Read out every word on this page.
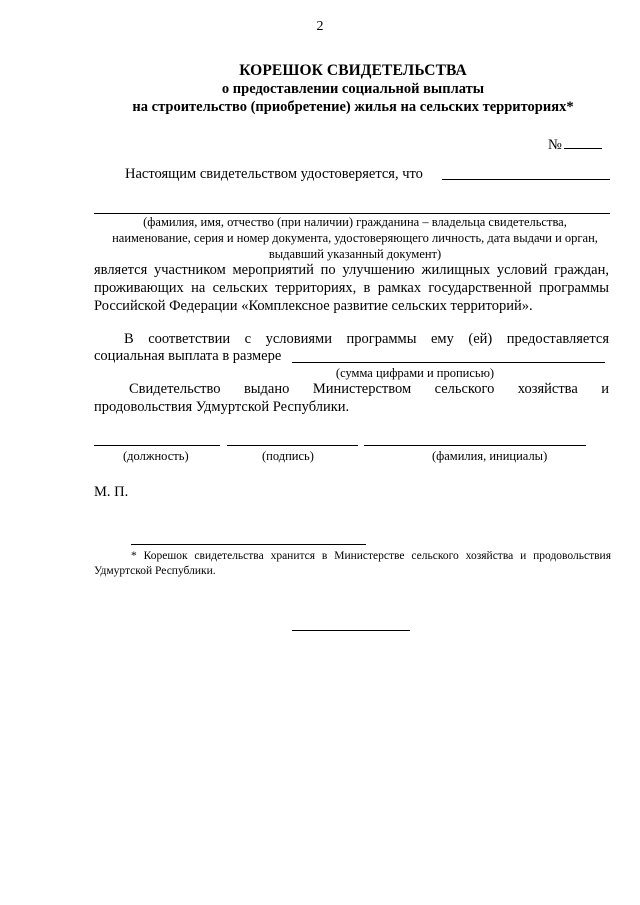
2
КОРЕШОК СВИДЕТЕЛЬСТВА
о предоставлении социальной выплаты
на строительство (приобретение) жилья на сельских территориях*
№
Настоящим свидетельством удостоверяется, что
(фамилия, имя, отчество (при наличии) гражданина – владельца свидетельства,
наименование, серия и номер документа, удостоверяющего личность, дата выдачи и орган,
выдавший указанный документ)
является участником мероприятий по улучшению жилищных условий граждан,
проживающих на сельских территориях, в рамках государственной программы
Российской Федерации «Комплексное развитие сельских территорий».
В соответствии с условиями программы ему (ей) предоставляется
социальная выплата в размере
(сумма цифрами и прописью)
Свидетельство выдано Министерством сельского хозяйства и
продовольствия Удмуртской Республики.
(должность)	(подпись)	(фамилия, инициалы)
М. П.
* Корешок свидетельства хранится в Министерстве сельского хозяйства и продовольствия Удмуртской Республики.
